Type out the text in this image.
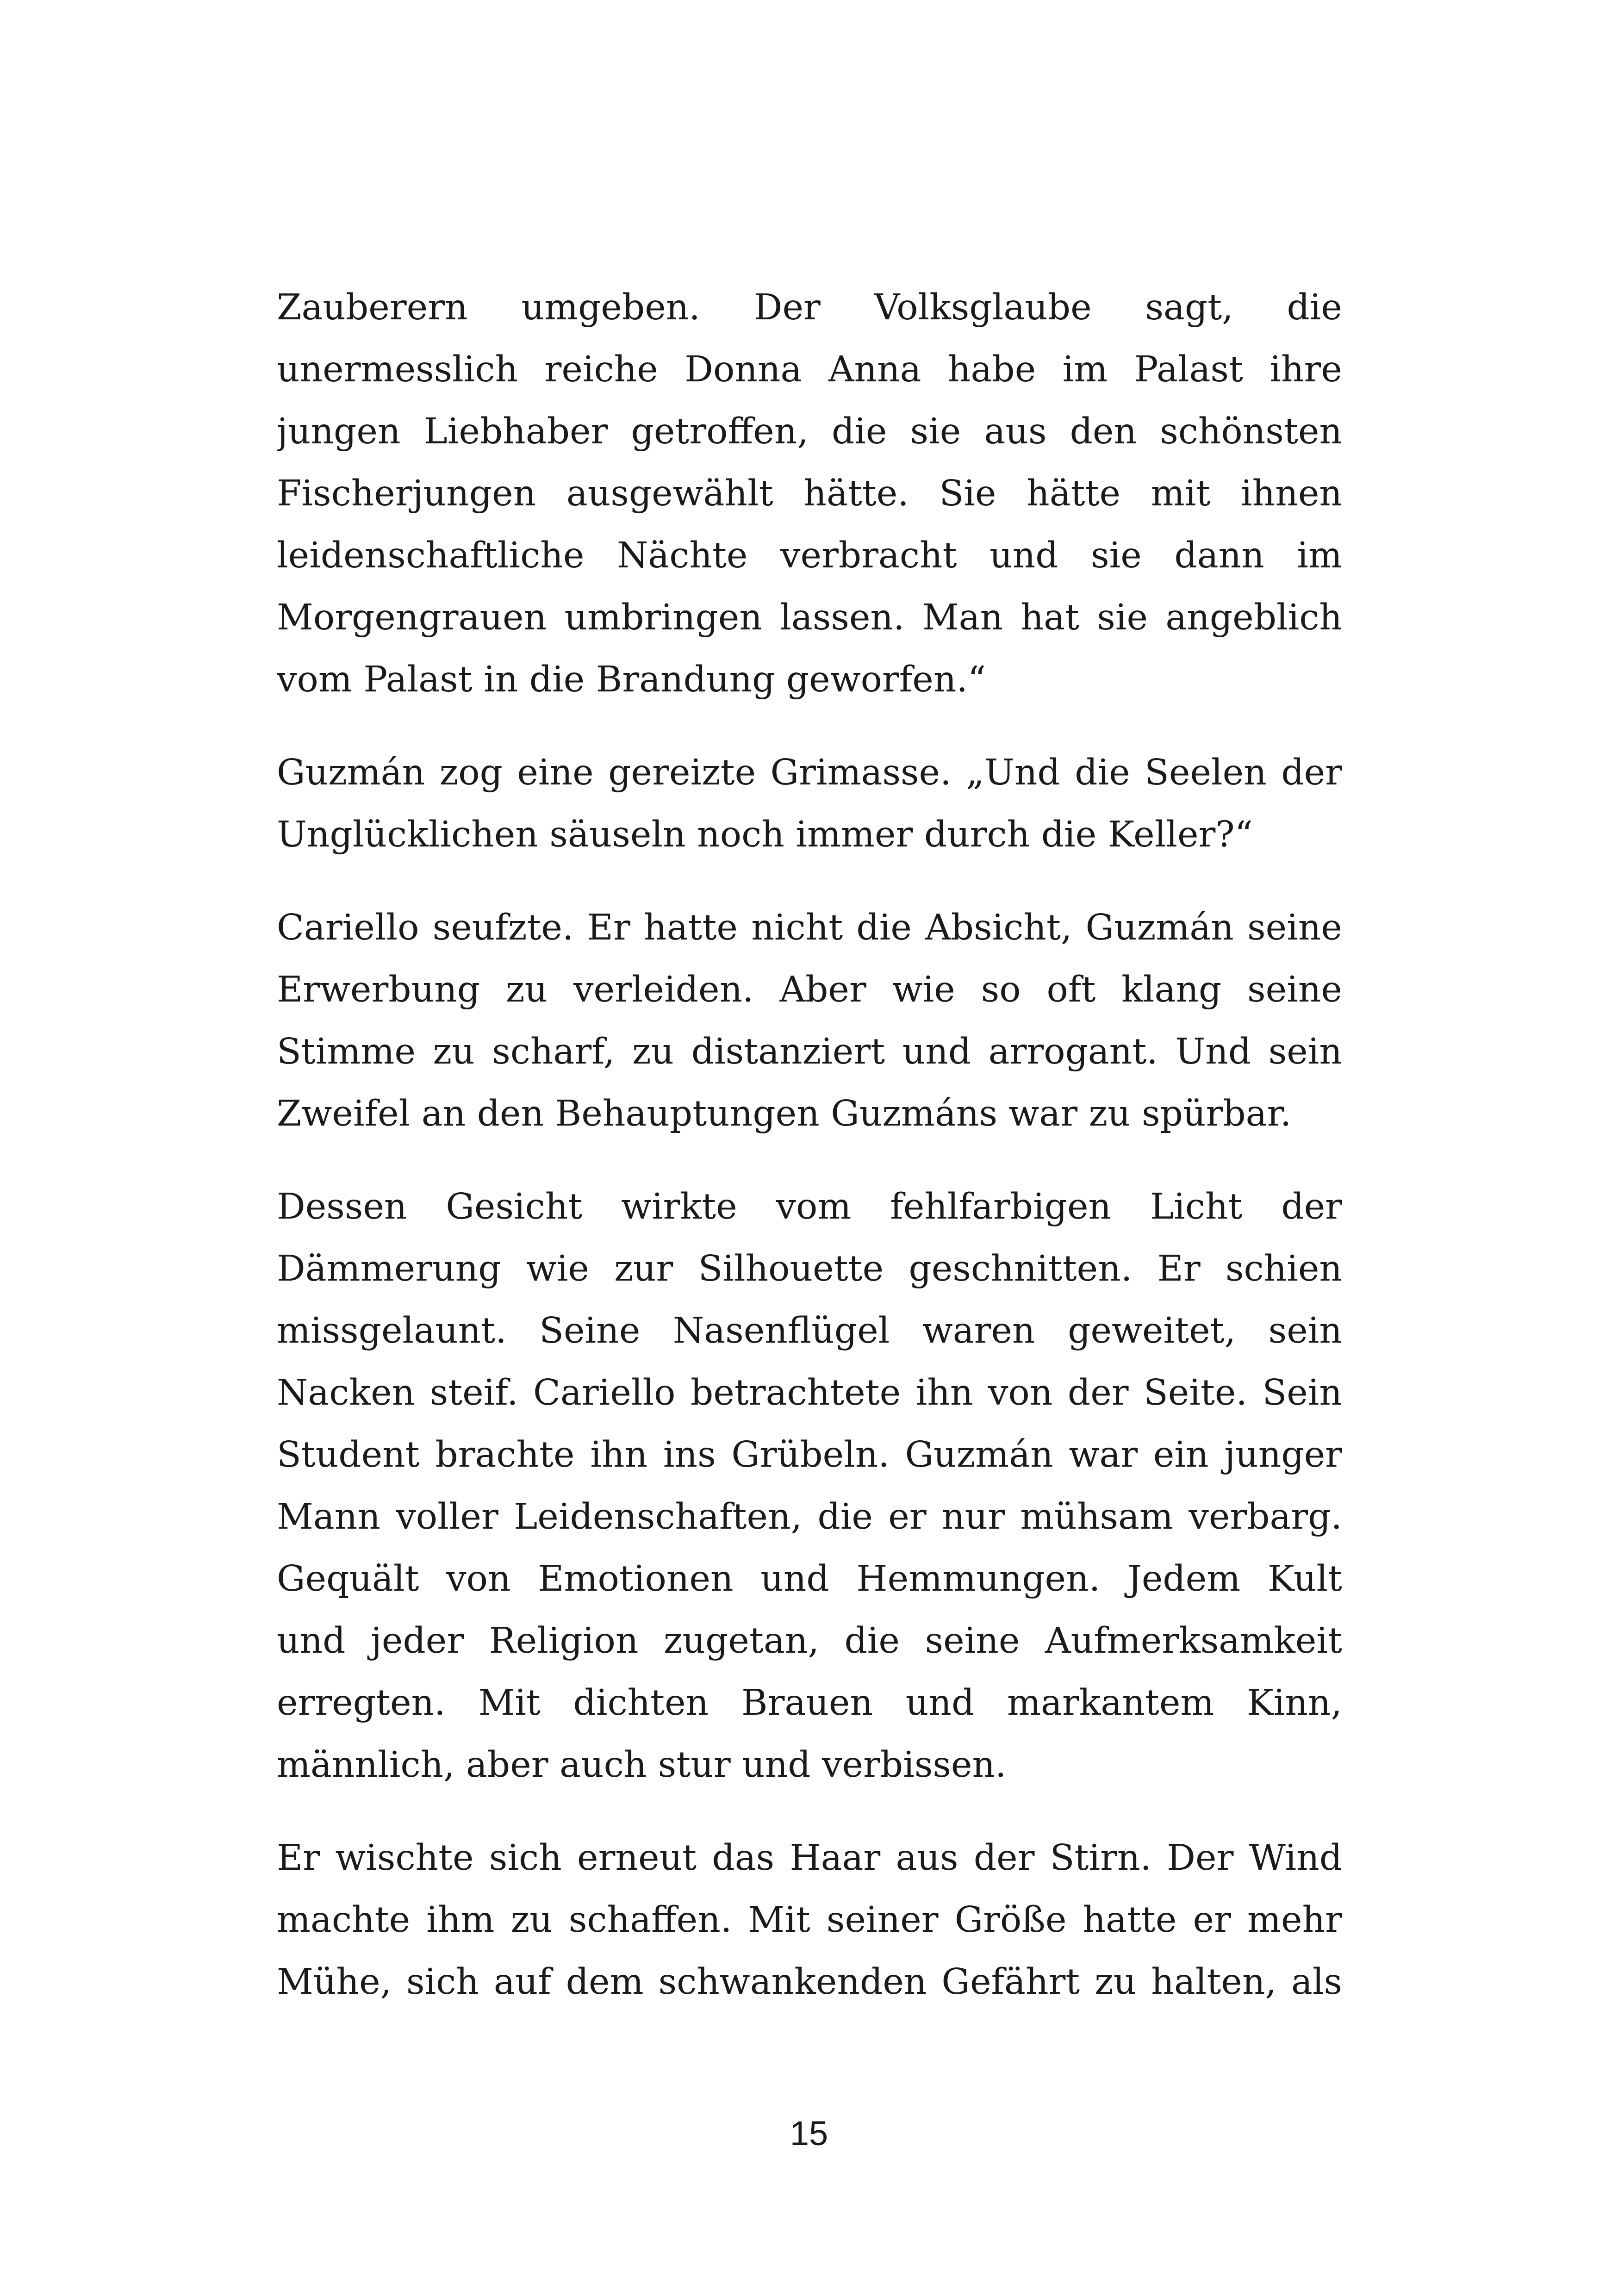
Zauberern umgeben. Der Volksglaube sagt, die
unermesslich reiche Donna Anna habe im Palast ihre
jungen Liebhaber getroffen, die sie aus den schönsten
Fischerjungen ausgewählt hätte. Sie hätte mit ihnen
leidenschaftliche Nächte verbracht und sie dann im
Morgengrauen umbringen lassen. Man hat sie angeblich
vom Palast in die Brandung geworfen.“
Guzmán zog eine gereizte Grimasse. „Und die Seelen der
Unglücklichen säuseln noch immer durch die Keller?“
Cariello seufzte. Er hatte nicht die Absicht, Guzmán seine
Erwerbung zu verleiden. Aber wie so oft klang seine
Stimme zu scharf, zu distanziert und arrogant. Und sein
Zweifel an den Behauptungen Guzmáns war zu spürbar.
Dessen Gesicht wirkte vom fehlfarbigen Licht der
Dämmerung wie zur Silhouette geschnitten. Er schien
missgelaunt. Seine Nasenflügel waren geweitet, sein
Nacken steif. Cariello betrachtete ihn von der Seite. Sein
Student brachte ihn ins Grübeln. Guzmán war ein junger
Mann voller Leidenschaften, die er nur mühsam verbarg.
Gequält von Emotionen und Hemmungen. Jedem Kult
und jeder Religion zugetan, die seine Aufmerksamkeit
erregten. Mit dichten Brauen und markantem Kinn,
männlich, aber auch stur und verbissen.
Er wischte sich erneut das Haar aus der Stirn. Der Wind
machte ihm zu schaffen. Mit seiner Größe hatte er mehr
Mühe, sich auf dem schwankenden Gefährt zu halten, als
15
